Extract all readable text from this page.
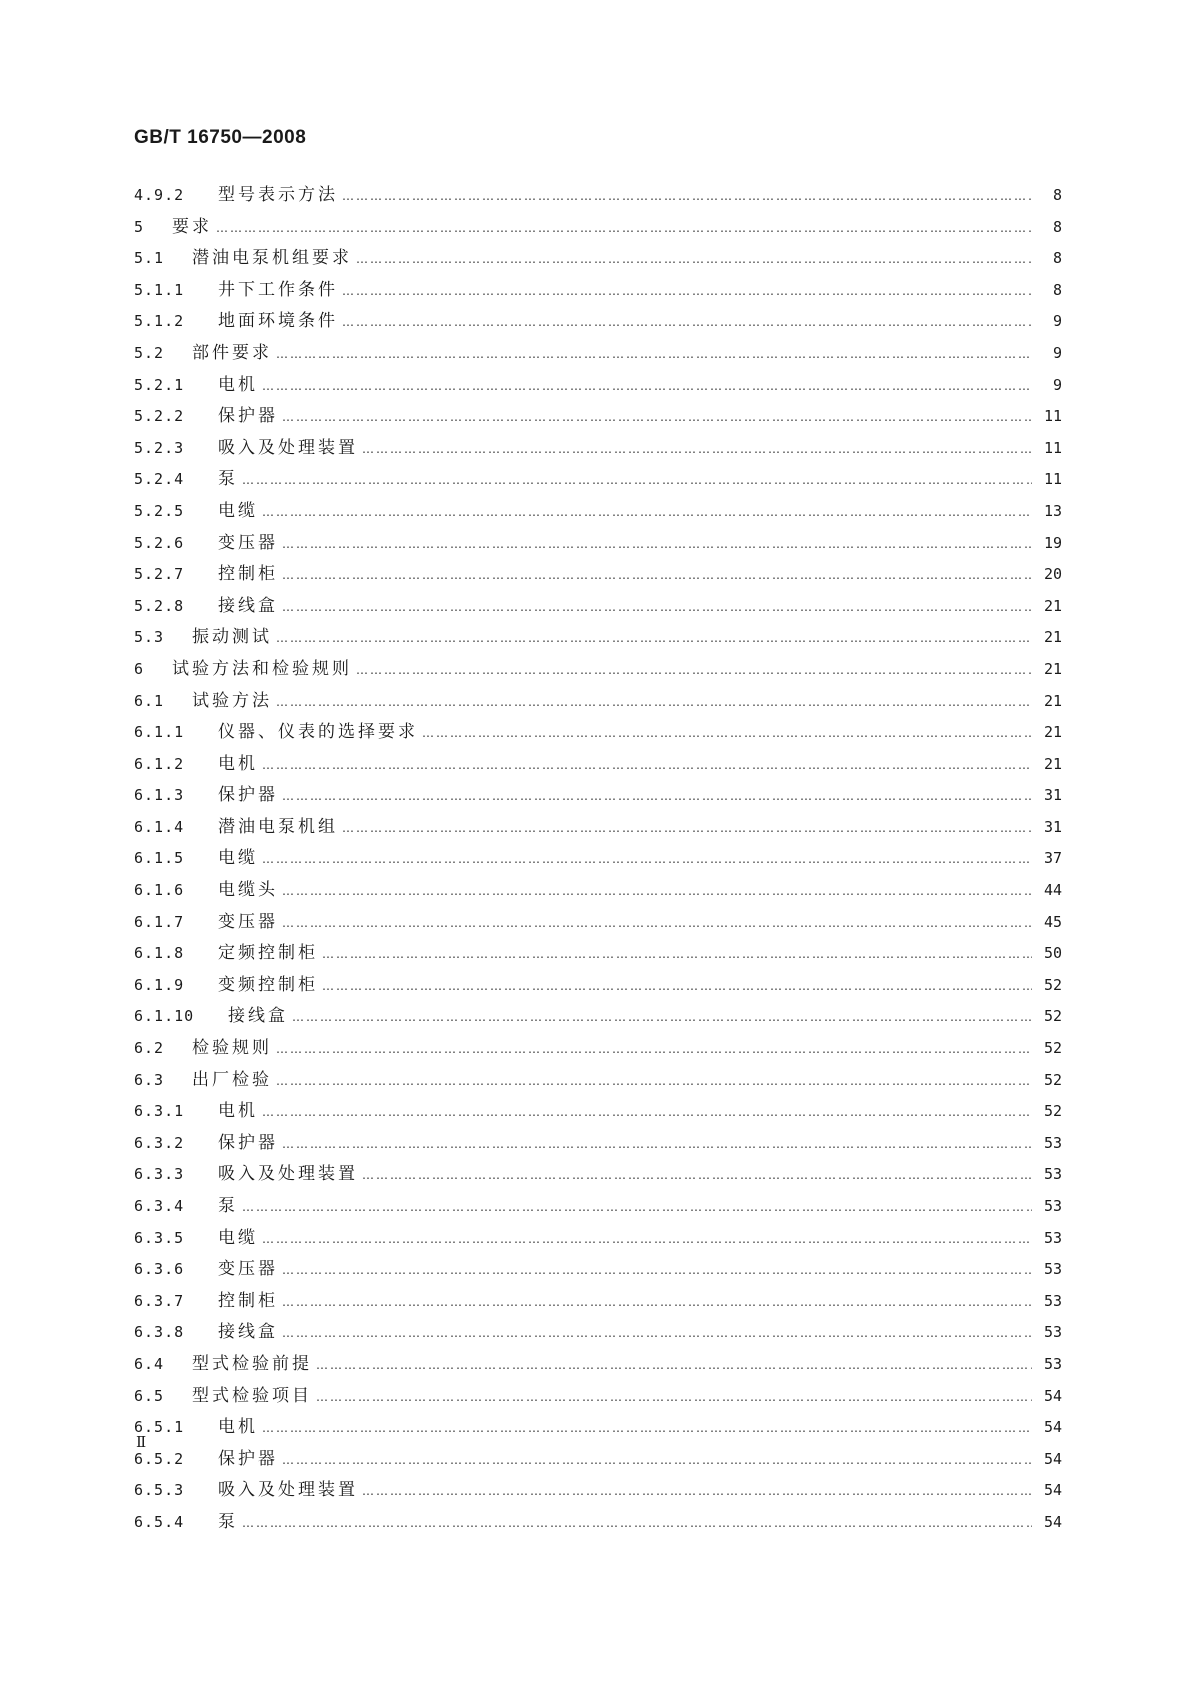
GB/T 16750—2008
4.9.2	型号表示方法 …………………………………………………………………………………………………………………………………………………………………………………………………………	8
5	要求 …………………………………………………………………………………………………………………………………………………………………………………………………………	8
5.1	潜油电泵机组要求 …………………………………………………………………………………………………………………………………………………………………………………………………………	8
5.1.1	井下工作条件 …………………………………………………………………………………………………………………………………………………………………………………………………………	8
5.1.2	地面环境条件 …………………………………………………………………………………………………………………………………………………………………………………………………………	9
5.2	部件要求 …………………………………………………………………………………………………………………………………………………………………………………………………………	9
5.2.1	电机 …………………………………………………………………………………………………………………………………………………………………………………………………………	9
5.2.2	保护器 …………………………………………………………………………………………………………………………………………………………………………………………………………	11
5.2.3	吸入及处理装置 …………………………………………………………………………………………………………………………………………………………………………………………………………	11
5.2.4	泵 …………………………………………………………………………………………………………………………………………………………………………………………………………	11
5.2.5	电缆 …………………………………………………………………………………………………………………………………………………………………………………………………………	13
5.2.6	变压器 …………………………………………………………………………………………………………………………………………………………………………………………………………	19
5.2.7	控制柜 …………………………………………………………………………………………………………………………………………………………………………………………………………	20
5.2.8	接线盒 …………………………………………………………………………………………………………………………………………………………………………………………………………	21
5.3	振动测试 …………………………………………………………………………………………………………………………………………………………………………………………………………	21
6	试验方法和检验规则 …………………………………………………………………………………………………………………………………………………………………………………………………………	21
6.1	试验方法 …………………………………………………………………………………………………………………………………………………………………………………………………………	21
6.1.1	仪器、仪表的选择要求 …………………………………………………………………………………………………………………………………………………………………………………………………………	21
6.1.2	电机 …………………………………………………………………………………………………………………………………………………………………………………………………………	21
6.1.3	保护器 …………………………………………………………………………………………………………………………………………………………………………………………………………	31
6.1.4	潜油电泵机组 …………………………………………………………………………………………………………………………………………………………………………………………………………	31
6.1.5	电缆 …………………………………………………………………………………………………………………………………………………………………………………………………………	37
6.1.6	电缆头 …………………………………………………………………………………………………………………………………………………………………………………………………………	44
6.1.7	变压器 …………………………………………………………………………………………………………………………………………………………………………………………………………	45
6.1.8	定频控制柜 …………………………………………………………………………………………………………………………………………………………………………………………………………	50
6.1.9	变频控制柜 …………………………………………………………………………………………………………………………………………………………………………………………………………	52
6.1.10	接线盒 …………………………………………………………………………………………………………………………………………………………………………………………………………	52
6.2	检验规则 …………………………………………………………………………………………………………………………………………………………………………………………………………	52
6.3	出厂检验 …………………………………………………………………………………………………………………………………………………………………………………………………………	52
6.3.1	电机 …………………………………………………………………………………………………………………………………………………………………………………………………………	52
6.3.2	保护器 …………………………………………………………………………………………………………………………………………………………………………………………………………	53
6.3.3	吸入及处理装置 …………………………………………………………………………………………………………………………………………………………………………………………………………	53
6.3.4	泵 …………………………………………………………………………………………………………………………………………………………………………………………………………	53
6.3.5	电缆 …………………………………………………………………………………………………………………………………………………………………………………………………………	53
6.3.6	变压器 …………………………………………………………………………………………………………………………………………………………………………………………………………	53
6.3.7	控制柜 …………………………………………………………………………………………………………………………………………………………………………………………………………	53
6.3.8	接线盒 …………………………………………………………………………………………………………………………………………………………………………………………………………	53
6.4	型式检验前提 …………………………………………………………………………………………………………………………………………………………………………………………………………	53
6.5	型式检验项目 …………………………………………………………………………………………………………………………………………………………………………………………………………	54
6.5.1	电机 …………………………………………………………………………………………………………………………………………………………………………………………………………	54
6.5.2	保护器 …………………………………………………………………………………………………………………………………………………………………………………………………………	54
6.5.3	吸入及处理装置 …………………………………………………………………………………………………………………………………………………………………………………………………………	54
6.5.4	泵 …………………………………………………………………………………………………………………………………………………………………………………………………………	54
Ⅱ
